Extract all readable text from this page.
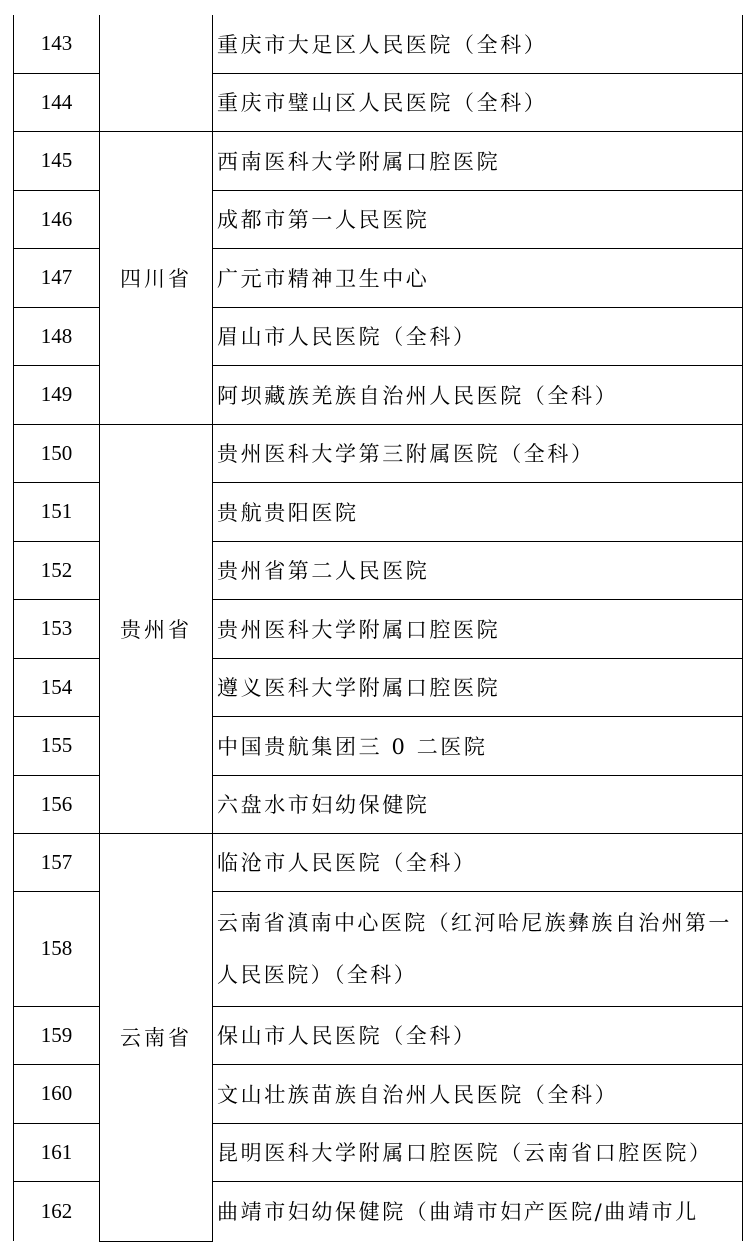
143		重庆市大足区人民医院（全科）
144		重庆市璧山区人民医院（全科）
145	四川省	西南医科大学附属口腔医院
146		成都市第一人民医院
147		广元市精神卫生中心
148		眉山市人民医院（全科）
149		阿坝藏族羌族自治州人民医院（全科）
150	贵州省	贵州医科大学第三附属医院（全科）
151		贵航贵阳医院
152		贵州省第二人民医院
153		贵州医科大学附属口腔医院
154		遵义医科大学附属口腔医院
155		中国贵航集团三 0 二医院
156		六盘水市妇幼保健院
157	云南省	临沧市人民医院（全科）
158		云南省滇南中心医院（红河哈尼族彝族自治州第一人民医院）（全科）
159		保山市人民医院（全科）
160		文山壮族苗族自治州人民医院（全科）
161		昆明医科大学附属口腔医院（云南省口腔医院）
162		曲靖市妇幼保健院（曲靖市妇产医院/曲靖市儿
